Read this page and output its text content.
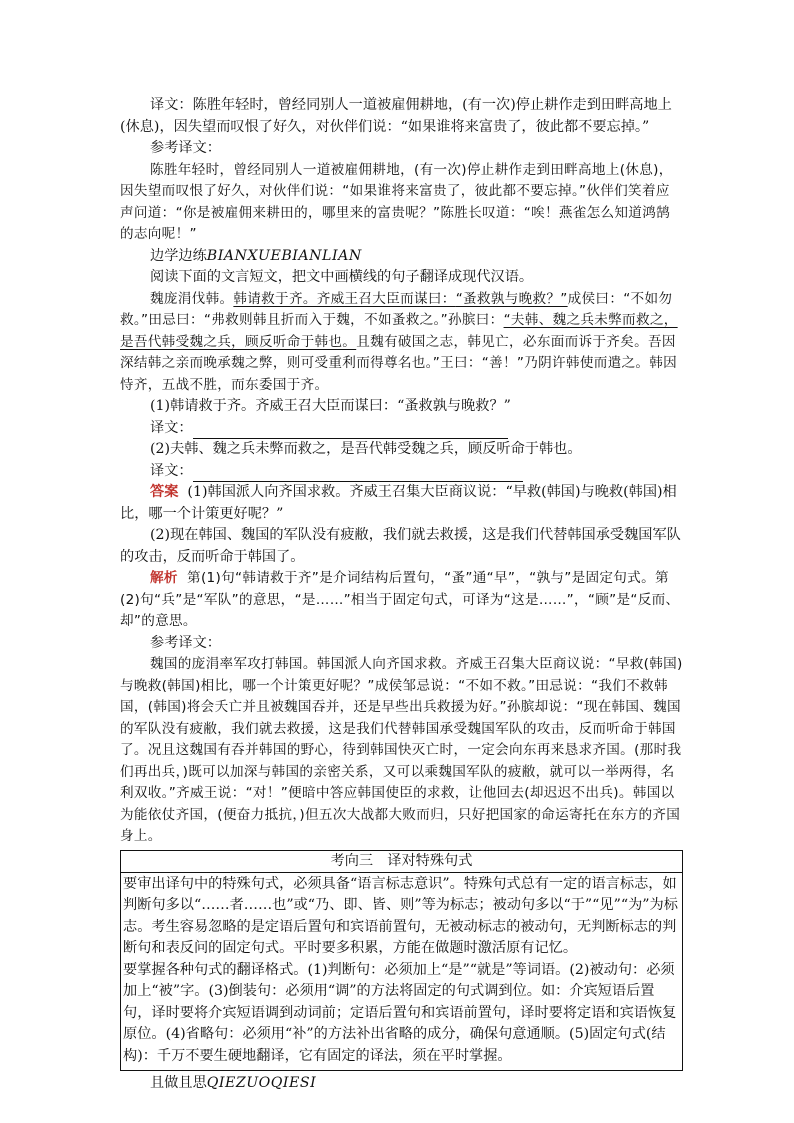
译文：陈胜年轻时，曾经同别人一道被雇佣耕地，(有一次)停止耕作走到田畔高地上(休息)，因失望而叹恨了好久，对伙伴们说：“如果谁将来富贵了，彼此都不要忘掉。”

参考译文：

陈胜年轻时，曾经同别人一道被雇佣耕地，(有一次)停止耕作走到田畔高地上(休息)，因失望而叹恨了好久，对伙伴们说：“如果谁将来富贵了，彼此都不要忘掉。”伙伴们笑着应声问道：“你是被雇佣来耕田的，哪里来的富贵呢？”陈胜长叹道：“唉！燕雀怎么知道鸿鹄的志向呢！”

边学边练BIANXUEBIANLIAN

阅读下面的文言短文，把文中画横线的句子翻译成现代汉语。

魏庞涓伐韩。韩请救于齐。齐威王召大臣而谋曰：“蚤救孰与晚救？”成侯曰：“不如勿救。”田忌曰：“弗救则韩且折而入于魏，不如蚤救之。”孙膑曰：“夫韩、魏之兵未弊而救之，是吾代韩受魏之兵，顾反听命于韩也。且魏有破国之志，韩见亡，必东面而诉于齐矣。吾因深结韩之亲而晚承魏之弊，则可受重利而得尊名也。”王曰：“善！”乃阴许韩使而遣之。韩因恃齐，五战不胜，而东委国于齐。

(1)韩请救于齐。齐威王召大臣而谋曰：“蚤救孰与晚救？”

译文：

(2)夫韩、魏之兵未弊而救之，是吾代韩受魏之兵，顾反听命于韩也。

译文：

答案 (1)韩国派人向齐国求救。齐威王召集大臣商议说：“早救(韩国)与晚救(韩国)相比，哪一个计策更好呢？”

(2)现在韩国、魏国的军队没有疲敝，我们就去救援，这是我们代替韩国承受魏国军队的攻击，反而听命于韩国了。

解析 第(1)句“韩请救于齐”是介词结构后置句，“蚤”通“早”，“孰与”是固定句式。第(2)句“兵”是“军队”的意思，“是……”相当于固定句式，可译为“这是……”，“顾”是“反而、却”的意思。

参考译文：

魏国的庞涓率军攻打韩国。韩国派人向齐国求救。齐威王召集大臣商议说：“早救(韩国)与晚救(韩国)相比，哪一个计策更好呢？”成侯邹忌说：“不如不救。”田忌说：“我们不救韩国，(韩国)将会夭亡并且被魏国吞并，还是早些出兵救援为好。”孙膑却说：“现在韩国、魏国的军队没有疲敝，我们就去救援，这是我们代替韩国承受魏国军队的攻击，反而听命于韩国了。况且这魏国有吞并韩国的野心，待到韩国快灭亡时，一定会向东再来恳求齐国。(那时我们再出兵，)既可以加深与韩国的亲密关系，又可以乘魏国军队的疲敝，就可以一举两得，名利双收。”齐威王说：“对！”便暗中答应韩国使臣的求救，让他回去(却迟迟不出兵)。韩国以为能依仗齐国，(便奋力抵抗，)但五次大战都大败而归，只好把国家的命运寄托在东方的齐国身上。

考向三　译对特殊句式

要审出译句中的特殊句式，必须具备“语言标志意识”。特殊句式总有一定的语言标志，如判断句多以“……者……也”或“乃、即、皆、则”等为标志；被动句多以“于”“见”“为”为标志。考生容易忽略的是定语后置句和宾语前置句，无被动标志的被动句，无判断标志的判断句和表反问的固定句式。平时要多积累，方能在做题时激活原有记忆。

要掌握各种句式的翻译格式。(1)判断句：必须加上“是”“就是”等词语。(2)被动句：必须加上“被”字。(3)倒装句：必须用“调”的方法将固定的句式调到位。如：介宾短语后置句，译时要将介宾短语调到动词前；定语后置句和宾语前置句，译时要将定语和宾语恢复原位。(4)省略句：必须用“补”的方法补出省略的成分，确保句意通顺。(5)固定句式(结构)：千万不要生硬地翻译，它有固定的译法，须在平时掌握。

且做且思QIEZUOQIESI
